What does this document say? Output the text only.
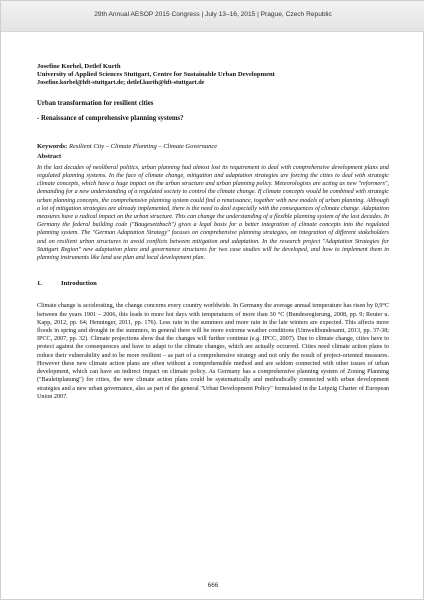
29th Annual AESOP 2015 Congress | July 13–16, 2015 | Prague, Czech Republic

Josefine Korbel, Detlef Kurth

University of Applied Sciences Stuttgart, Centre for Sustainable Urban Development

Josefine.korbel@hft-stuttgart.de; detlef.kurth@hft-stuttgart.de

Urban transformation for resilient cities

- Renaissance of comprehensive planning systems?

Keywords: Resilient City – Climate Planning – Climate Governance

Abstract

In the last decades of neoliberal politics, urban planning had almost lost its requirement to deal with comprehensive development plans and regulated planning systems. In the face of climate change, mitigation and adaptation strategies are forcing the cities to deal with strategic climate concepts, which have a huge impact on the urban structure and urban planning policy. Meteorologists are acting as new "reformers", demanding for a new understanding of a regulated society to control the climate change. If climate concepts would be combined with strategic urban planning concepts, the comprehensive planning system could find a renaissance, together with new models of urban planning. Although a lot of mitigation strategies are already implemented, there is the need to deal especially with the consequences of climate change. Adaptation measures have a radical impact on the urban structure. This can change the understanding of a flexible planning system of the last decades. In Germany the federal building code ("Baugesetzbuch") gives a legal basis for a better integration of climate concepts into the regulated planning system. The "German Adaptation Strategy" focuses on comprehensive planning strategies, on integration of different stakeholders and on resilient urban structures to avoid conflicts between mitigation and adaptation. In the research project "Adaptation Strategies for Stuttgart Region" new adaptation plans and governance structures for two case studies will be developed, and how to implement them in planning instruments like land use plan and local development plan.

1.	Introduction

Climate change is accelerating, the change concerns every country worldwide. In Germany the average annual temperature has risen by 0,9°C between the years 1901 – 2006, this leads to more hot days with temperatures of more than 30 °C (Bundesregierung, 2008, pp. 9; Reuter u. Kapp, 2012, pp. 64; Henninger, 2011, pp. 176). Less rain in the summers and more rain in the late winters are expected. This affects more floods in spring and drought in the summers, in general there will be more extreme weather conditions (Umweltbundesamt, 2013, pp. 37-38; IPCC, 2007, pp. 32). Climate projections show that the changes will further continue (e.g. IPCC, 2007). Due to climate change, cities have to protect against the consequences and have to adapt to the climate changes, which are actually occurred. Cities need climate action plans to reduce their vulnerability and to be more resilient – as part of a comprehensive strategy and not only the result of project-oriented measures. However these new climate action plans are often without a comprehensible method and are seldom connected with other issues of urban development, which can have an indirect impact on climate policy. As Germany has a comprehensive planning system of Zoning Planning ("Bauleitplanung") for cities, the new climate action plans could be systematically and methodically connected with urban development strategies and a new urban governance, also as part of the general "Urban Development Policy" formulated in the Leipzig Charter of European Union 2007.

666
